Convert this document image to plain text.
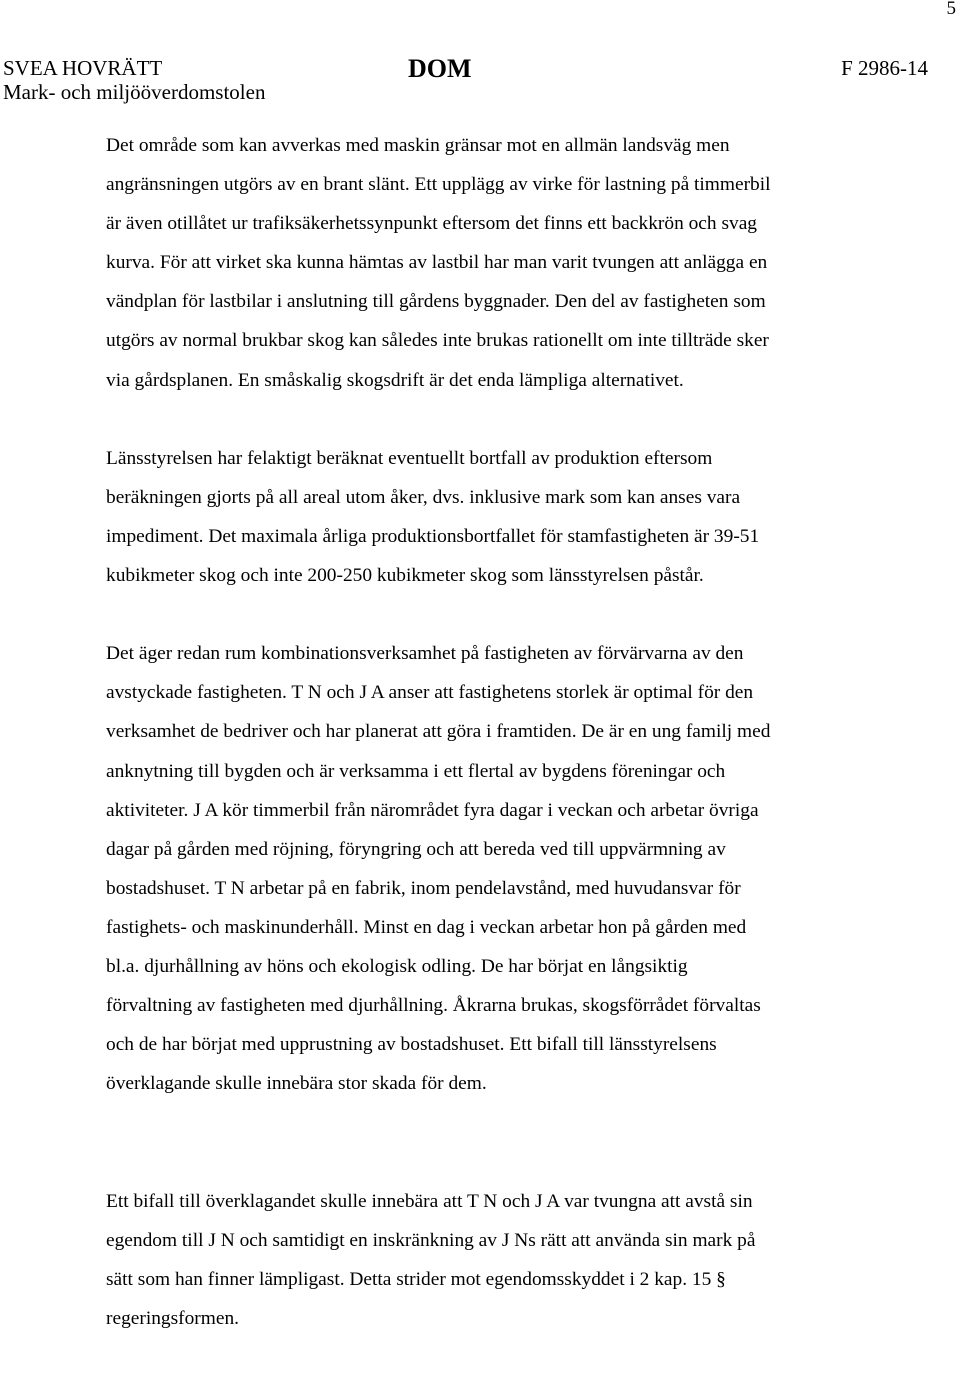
5
SVEA HOVRÄTT
Mark- och miljööverdomstolen
DOM	F 2986-14

Det område som kan avverkas med maskin gränsar mot en allmän landsväg men
angränsningen utgörs av en brant slänt. Ett upplägg av virke för lastning på timmerbil
är även otillåtet ur trafiksäkerhetssynpunkt eftersom det finns ett backkrön och svag
kurva. För att virket ska kunna hämtas av lastbil har man varit tvungen att anlägga en
vändplan för lastbilar i anslutning till gårdens byggnader. Den del av fastigheten som
utgörs av normal brukbar skog kan således inte brukas rationellt om inte tillträde sker
via gårdsplanen. En småskalig skogsdrift är det enda lämpliga alternativet.

Länsstyrelsen har felaktigt beräknat eventuellt bortfall av produktion eftersom
beräkningen gjorts på all areal utom åker, dvs. inklusive mark som kan anses vara
impediment. Det maximala årliga produktionsbortfallet för stamfastigheten är 39-51
kubikmeter skog och inte 200-250 kubikmeter skog som länsstyrelsen påstår.

Det äger redan rum kombinationsverksamhet på fastigheten av förvärvarna av den
avstyckade fastigheten. T N och J A anser att fastighetens storlek är optimal för den
verksamhet de bedriver och har planerat att göra i framtiden. De är en ung familj med
anknytning till bygden och är verksamma i ett flertal av bygdens föreningar och
aktiviteter. J A kör timmerbil från närområdet fyra dagar i veckan och arbetar övriga
dagar på gården med röjning, föryngring och att bereda ved till uppvärmning av
bostadshuset. T N arbetar på en fabrik, inom pendelavstånd, med huvudansvar för
fastighets- och maskinunderhåll. Minst en dag i veckan arbetar hon på gården med
bl.a. djurhållning av höns och ekologisk odling. De har börjat en långsiktig
förvaltning av fastigheten med djurhållning. Åkrarna brukas, skogsförrådet förvaltas
och de har börjat med upprustning av bostadshuset. Ett bifall till länsstyrelsens
överklagande skulle innebära stor skada för dem.

Ett bifall till överklagandet skulle innebära att T N och J A var tvungna att avstå sin
egendom till J N och samtidigt en inskränkning av J Ns rätt att använda sin mark på
sätt som han finner lämpligast. Detta strider mot egendomsskyddet i 2 kap. 15 §
regeringsformen.
